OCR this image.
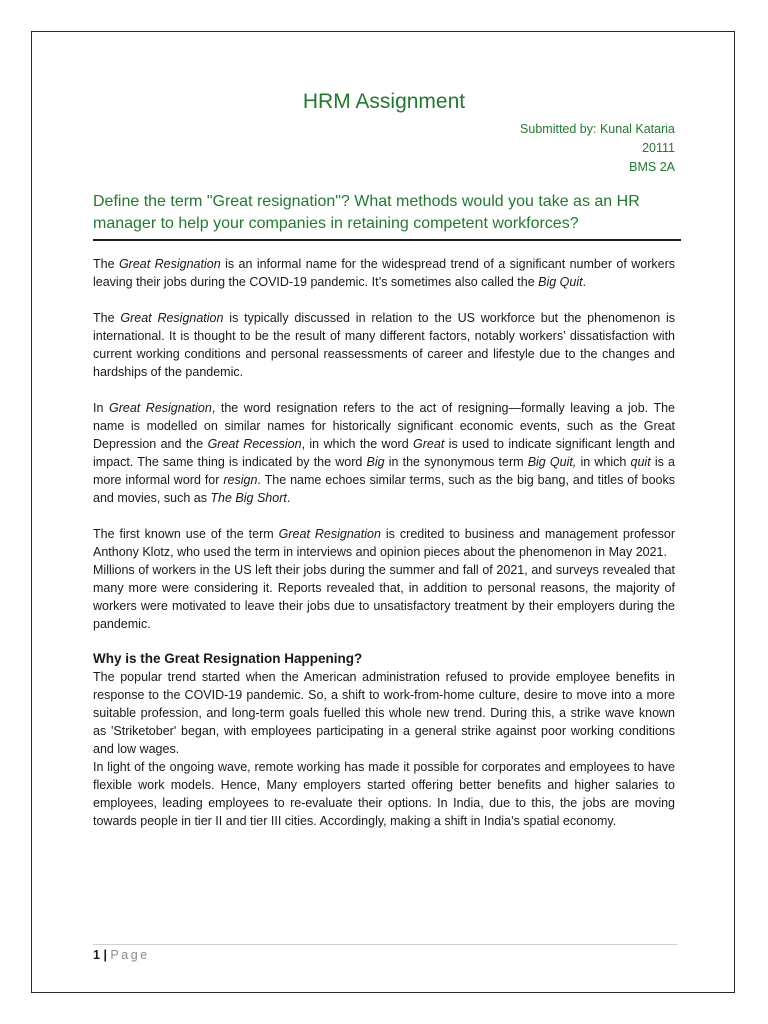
HRM Assignment
Submitted by: Kunal Kataria
20111
BMS 2A
Define the term "Great resignation"? What methods would you take as an HR manager to help your companies in retaining competent workforces?

The Great Resignation is an informal name for the widespread trend of a significant number of workers leaving their jobs during the COVID-19 pandemic. It’s sometimes also called the Big Quit.

The Great Resignation is typically discussed in relation to the US workforce but the phenomenon is international. It is thought to be the result of many different factors, notably workers’ dissatisfaction with current working conditions and personal reassessments of career and lifestyle due to the changes and hardships of the pandemic.

In Great Resignation, the word resignation refers to the act of resigning—formally leaving a job. The name is modelled on similar names for historically significant economic events, such as the Great Depression and the Great Recession, in which the word Great is used to indicate significant length and impact. The same thing is indicated by the word Big in the synonymous term Big Quit, in which quit is a more informal word for resign. The name echoes similar terms, such as the big bang, and titles of books and movies, such as The Big Short.

The first known use of the term Great Resignation is credited to business and management professor Anthony Klotz, who used the term in interviews and opinion pieces about the phenomenon in May 2021.

Millions of workers in the US left their jobs during the summer and fall of 2021, and surveys revealed that many more were considering it. Reports revealed that, in addition to personal reasons, the majority of workers were motivated to leave their jobs due to unsatisfactory treatment by their employers during the pandemic.

Why is the Great Resignation Happening?

The popular trend started when the American administration refused to provide employee benefits in response to the COVID-19 pandemic. So, a shift to work-from-home culture, desire to move into a more suitable profession, and long-term goals fuelled this whole new trend. During this, a strike wave known as 'Striketober' began, with employees participating in a general strike against poor working conditions and low wages.

In light of the ongoing wave, remote working has made it possible for corporates and employees to have flexible work models. Hence, Many employers started offering better benefits and higher salaries to employees, leading employees to re-evaluate their options. In India, due to this, the jobs are moving towards people in tier II and tier III cities. Accordingly, making a shift in India’s spatial economy.

1 | Page
